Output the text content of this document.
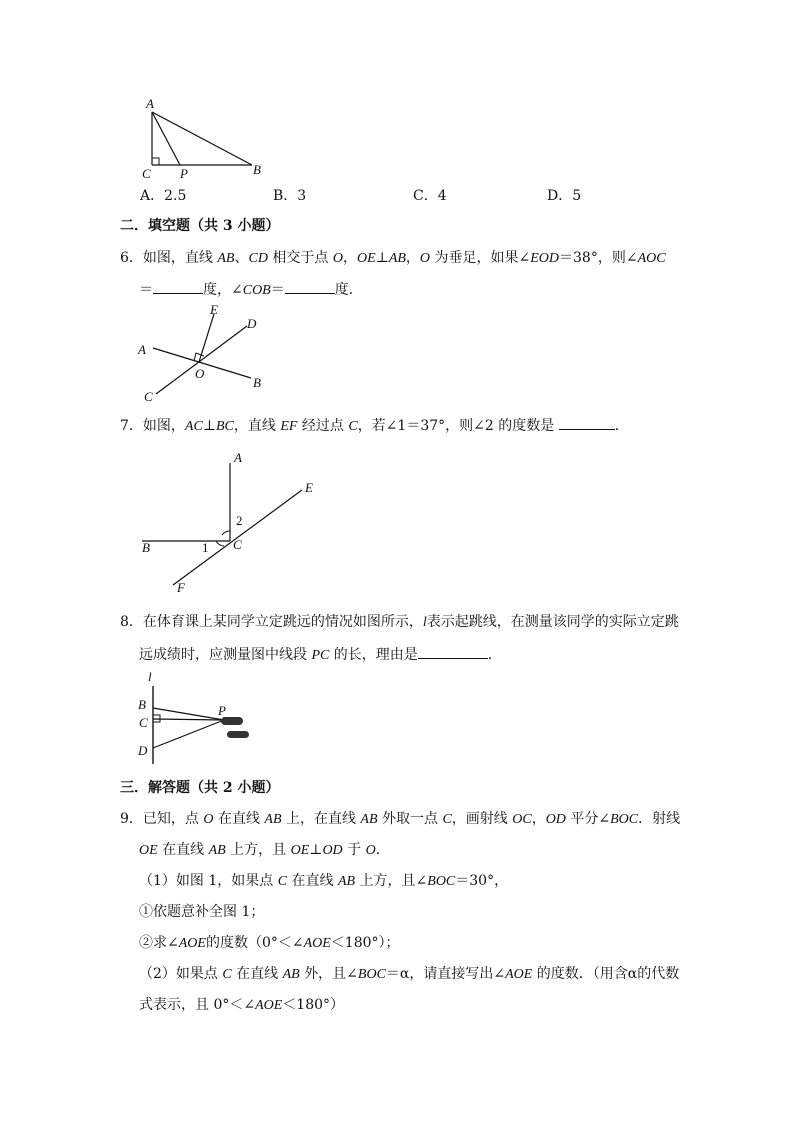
A
C P	B
A．2.5	B．3	C．4	D．5
二．填空题（共 3 小题）
6．如图，直线 AB、CD 相交于点 O，OE⊥AB，O 为垂足，如果∠EOD＝38°，则∠AOC
＝	度，∠COB＝	度．
E
D
A
O
B
C
7．如图，AC⊥BC，直线 EF 经过点 C，若∠1＝37°，则∠2 的度数是	．
A
E
2
1 C
B
F
8．在体育课上某同学立定跳远的情况如图所示，l表示起跳线，在测量该同学的实际立定跳
远成绩时，应测量图中线段 PC 的长，理由是	．
l
B
C
P
D
三．解答题（共 2 小题）
9．已知，点 O 在直线 AB 上，在直线 AB 外取一点 C，画射线 OC，OD 平分∠BOC．射线
OE 在直线 AB 上方，且 OE⊥OD 于 O．
（1）如图 1，如果点 C 在直线 AB 上方，且∠BOC＝30°，
①依题意补全图 1；
②求∠AOE的度数（0°＜∠AOE＜180°）；
（2）如果点 C 在直线 AB 外，且∠BOC＝α，请直接写出∠AOE 的度数．（用含α的代数
式表示，且 0°＜∠AOE＜180°）
